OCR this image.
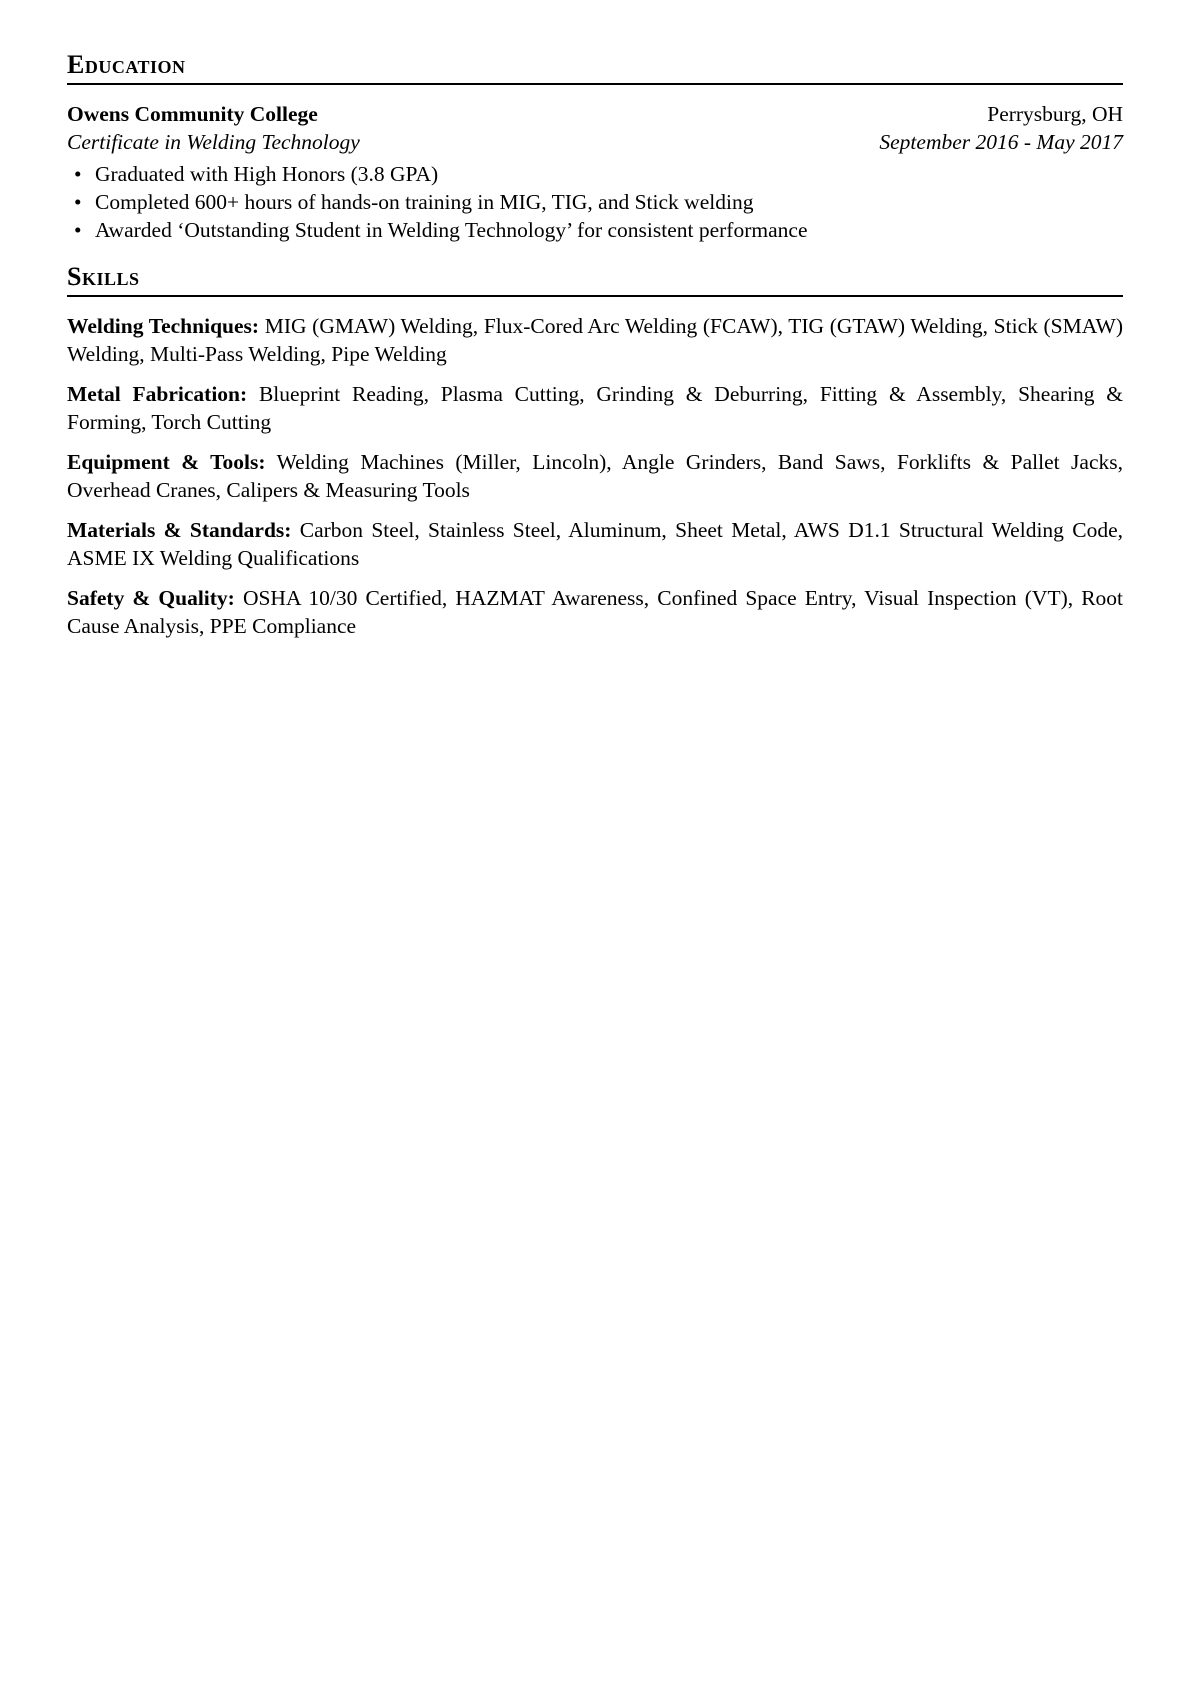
Education
Owens Community College	Perrysburg, OH
Certificate in Welding Technology	September 2016 - May 2017
• Graduated with High Honors (3.8 GPA)
• Completed 600+ hours of hands-on training in MIG, TIG, and Stick welding
• Awarded ‘Outstanding Student in Welding Technology’ for consistent performance
Skills

Welding Techniques: MIG (GMAW) Welding, Flux-Cored Arc Welding (FCAW), TIG (GTAW) Welding, Stick (SMAW) Welding, Multi-Pass Welding, Pipe Welding

Metal Fabrication: Blueprint Reading, Plasma Cutting, Grinding & Deburring, Fitting & Assembly, Shearing & Forming, Torch Cutting

Equipment & Tools: Welding Machines (Miller, Lincoln), Angle Grinders, Band Saws, Forklifts & Pallet Jacks, Overhead Cranes, Calipers & Measuring Tools

Materials & Standards: Carbon Steel, Stainless Steel, Aluminum, Sheet Metal, AWS D1.1 Structural Welding Code, ASME IX Welding Qualifications

Safety & Quality: OSHA 10/30 Certified, HAZMAT Awareness, Confined Space Entry, Visual Inspection (VT), Root Cause Analysis, PPE Compliance
